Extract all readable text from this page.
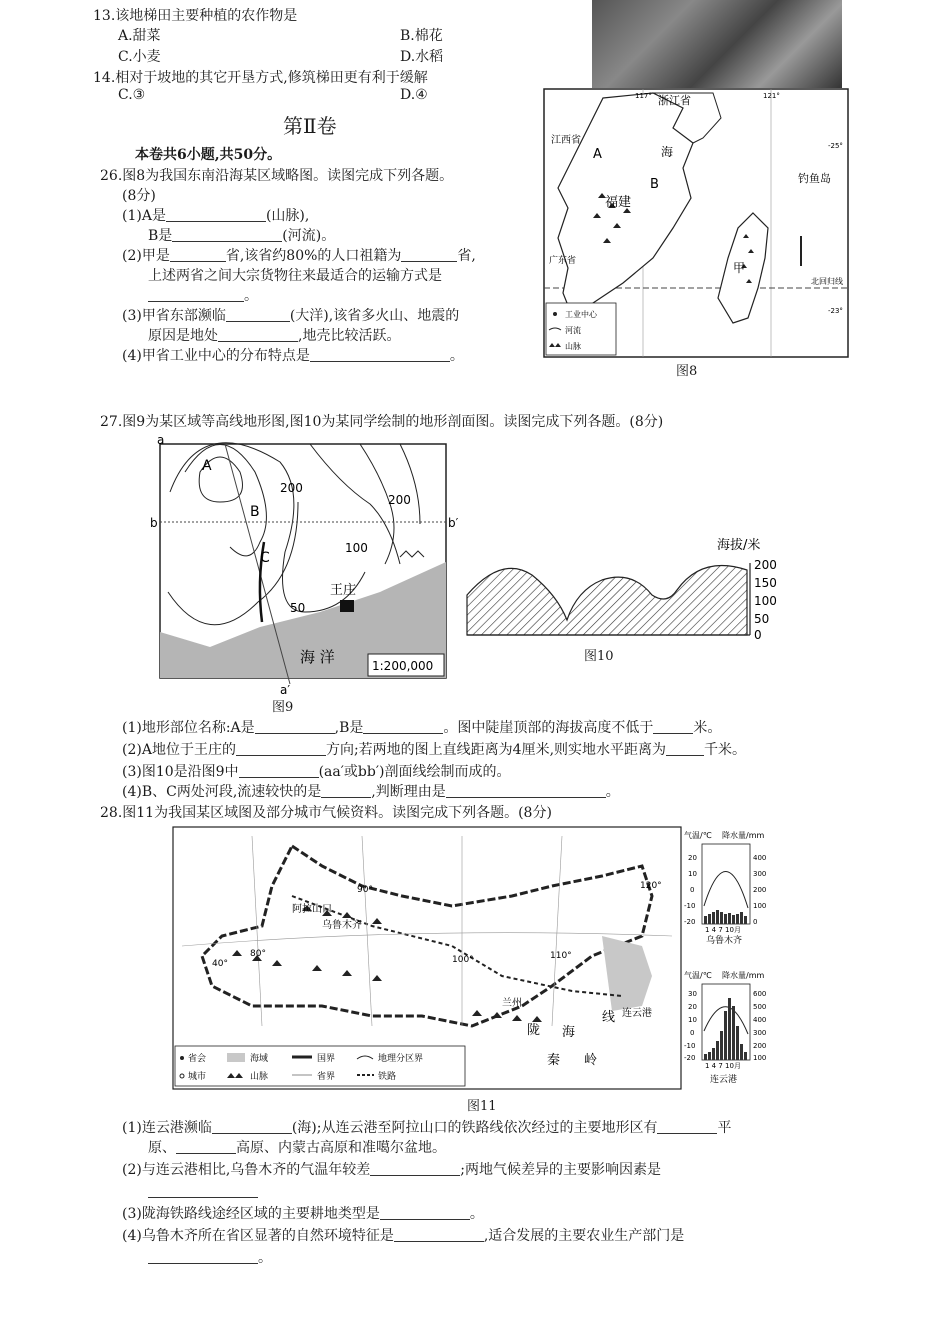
13.该地梯田主要种植的农作物是
A.甜菜	B.棉花
C.小麦	D.水稻
14.相对于坡地的其它开垦方式,修筑梯田更有利于缓解
C.③	D.④
第Ⅱ卷
本卷共6小题,共50分。
26.图8为我国东南沿海某区域略图。读图完成下列各题。
(8分)
(1)A是	(山脉),
B是	(河流)。
(2)甲是	省,该省约80%的人口祖籍为	省,
上述两省之间大宗货物往来最适合的运输方式是
。
(3)甲省东部濒临	(大洋),该省多火山、地震的
原因是地处	,地壳比较活跃。
(4)甲省工业中心的分布特点是	。
A
B
浙江省
江西省
福建
广东省
海
甲
钓鱼岛
北回归线
117°	121°
-25°
-23°
工业中心
河流
山脉
图8
27.图9为某区域等高线地形图,图10为某同学绘制的地形剖面图。读图完成下列各题。(8分)
a
a′
b	b′
A
B
C
200
200
100
50
王庄
海 洋	1:200,000
图9
海拔/米
200
150
100
50
0
图10
(1)地形部位名称:A是	,B是	。图中陡崖顶部的海拔高度不低于	米。
(2)A地位于王庄的	方向;若两地的图上直线距离为4厘米,则实地水平距离为	千米。
(3)图10是沿图9中	(aa′或bb′)剖面线绘制而成的。
(4)B、C两处河段,流速较快的是	,判断理由是	。
28.图11为我国某区域图及部分城市气候资料。读图完成下列各题。(8分)
阿拉山口
乌鲁木齐
兰州
连云港
陇 海
线
秦 岭
40°
80°
90°
100°	110°
120°
省会	海域	国界	地理分区界
城市	山脉	省界	铁路
气温/℃ 降水量/mm
20
10
0
-10
-20
400
300
200
100
0
1 4 7 10月
乌鲁木齐
气温/℃ 降水量/mm
30
20
10
0
-10
-20
600
500
400
300
200
100
1 4 7 10月
连云港
图11
(1)连云港濒临	(海);从连云港至阿拉山口的铁路线依次经过的主要地形区有	平
原、	高原、内蒙古高原和准噶尔盆地。
(2)与连云港相比,乌鲁木齐的气温年较差	;两地气候差异的主要影响因素是
(3)陇海铁路线途经区域的主要耕地类型是	。
(4)乌鲁木齐所在省区显著的自然环境特征是	,适合发展的主要农业生产部门是
。
